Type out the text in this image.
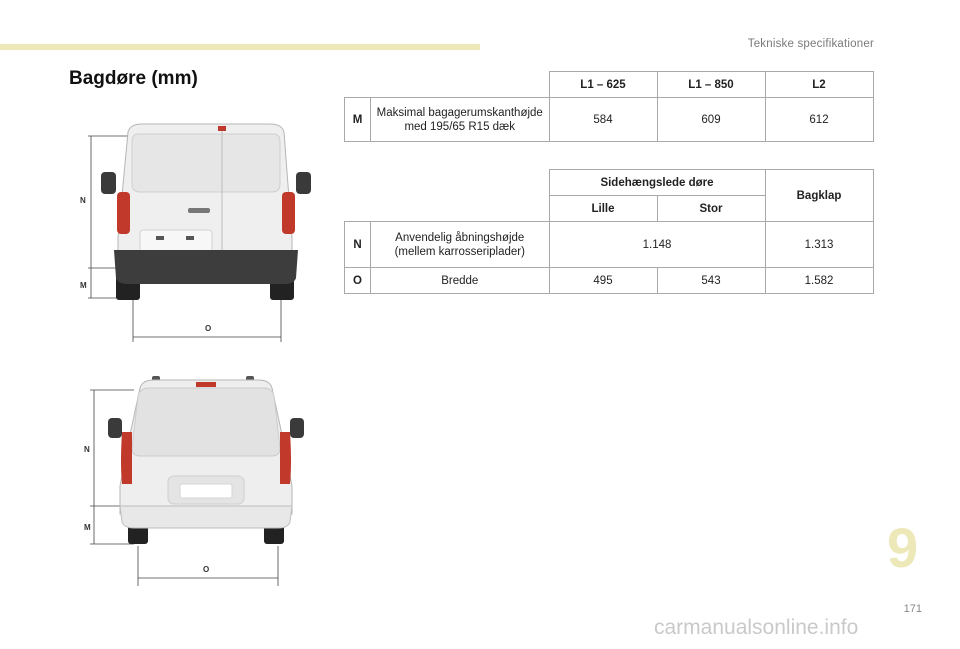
Tekniske specifikationer
Bagdøre (mm)
			L1 – 625	L1 – 850	L2
M	Maksimal bagagerumskanthøjde
med 195/65 R15 dæk	584	609	612
		Sidehængslede døre		Bagklap
		Lille	Stor	
N	Anvendelig åbningshøjde
(mellem karrosseriplader)	1.148		1.313
O	Bredde	495	543	1.582
N
M
O
N
M
O	9
171
carmanualsonline.info
